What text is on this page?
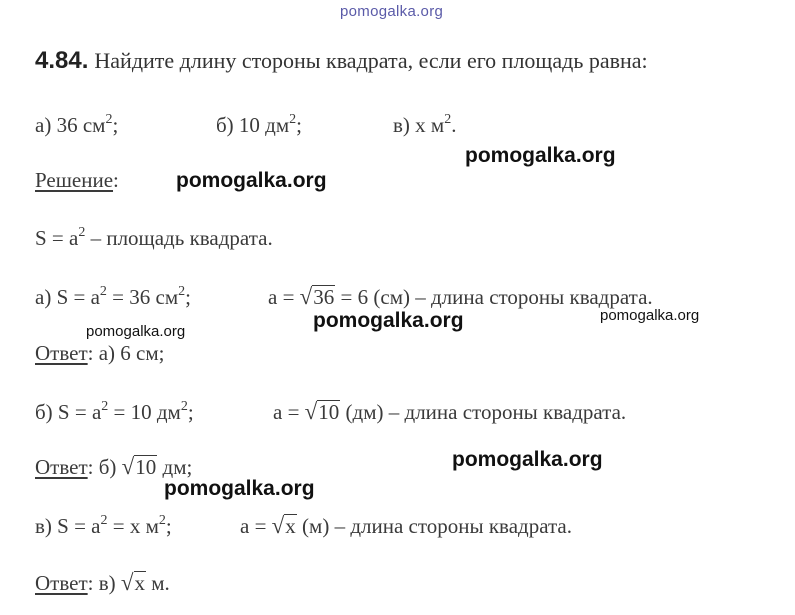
pomogalka.org
4.84. Найдите длину стороны квадрата, если его площадь равна:
а) 36 $см^2$;	б) 10 $дм^2$;	в) x $м^2$.
pomogalka.org
Решение:	pomogalka.org
$S = a^2$ – площадь квадрата.
а) $S = a^2 = 36$ $см^2$;	a = √36 = 6 (см) – длина стороны квадрата.
pomogalka.org	pomogalka.org	pomogalka.org
Ответ: а) 6 см;
б) $S = a^2 = 10$ $дм^2$;	a = √10 (дм) – длина стороны квадрата.
Ответ: б) √10 дм;	pomogalka.org
pomogalka.org
в) $S = a^2 = x$ $м^2$;	a = √x (м) – длина стороны квадрата.
Ответ: в) √x м.
